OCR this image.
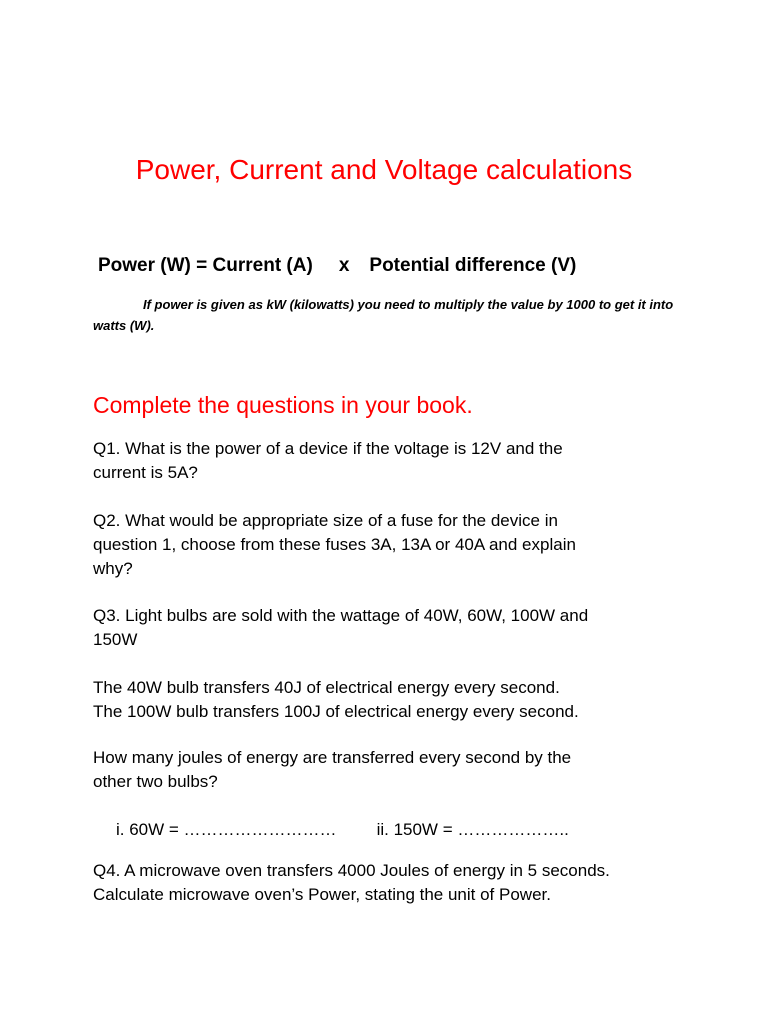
Power, Current and Voltage calculations
Power (W) = Current (A) x Potential difference (V)
If power is given as kW (kilowatts) you need to multiply the value by 1000 to get it into watts (W).
Complete the questions in your book.
Q1. What is the power of a device if the voltage is 12V and the
current is 5A?
Q2. What would be appropriate size of a fuse for the device in
question 1, choose from these fuses 3A, 13A or 40A and explain
why?
Q3. Light bulbs are sold with the wattage of 40W, 60W, 100W and
150W
The 40W bulb transfers 40J of electrical energy every second.
The 100W bulb transfers 100J of electrical energy every second.
How many joules of energy are transferred every second by the
other two bulbs?
i. 60W = ……………………… ii. 150W = ………………..
Q4. A microwave oven transfers 4000 Joules of energy in 5 seconds.
Calculate microwave oven’s Power, stating the unit of Power.
